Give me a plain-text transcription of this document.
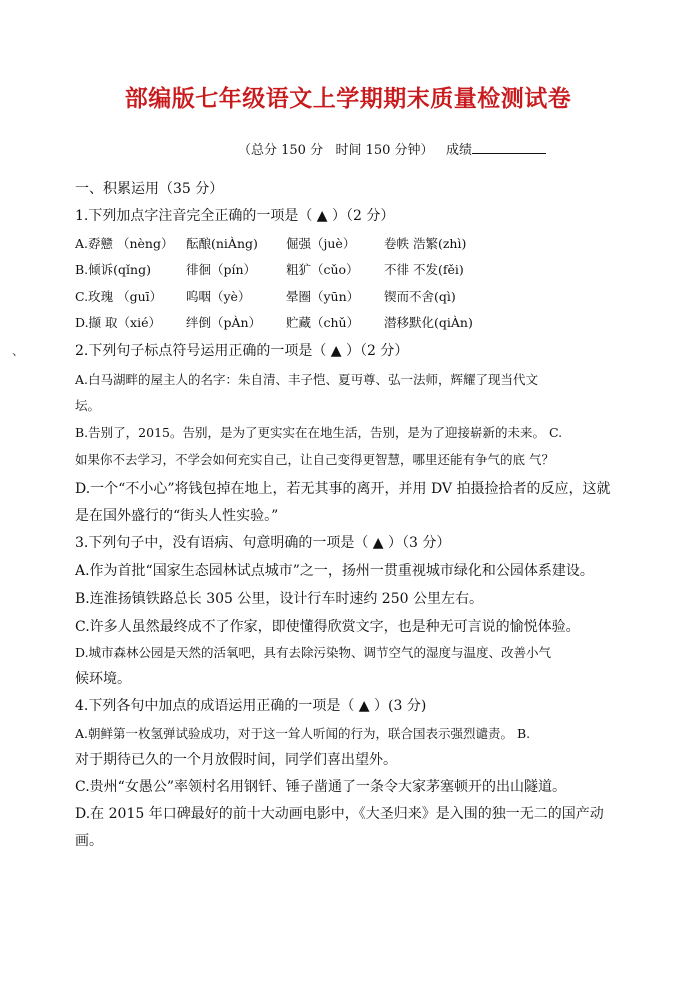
部编版七年级语文上学期期末质量检测试卷
（总分 150 分 时间 150 分钟） 成绩
一、积累运用（35 分）
1.下列加点字注音完全正确的一项是（ ▲ ）（2 分）
A.孬戆 （nèng） 酝酿(niÀng) 倔强（juè） 卷帙 浩繁(zhì)
B.倾诉(qǐng)	徘徊（pín） 粗犷（cǔo） 不徘 不发(fěi)
C.玫瑰 （guī） 呜咽（yè）	晕圈（yūn） 锲而不舍(qì)
D.撷 取（xié） 绊倒（pÀn） 贮藏（chǔ） 潜移默化(qiÀn)
、	2.下列句子标点符号运用正确的一项是（ ▲ ）（2 分）
A.白马湖畔的屋主人的名字：朱自清、丰子恺、夏丏尊、弘一法师，辉耀了现当代文
坛。
B.告别了，2015。告别，是为了更实实在在地生活，告别，是为了迎接崭新的未来。 C.
如果你不去学习，不学会如何充实自己，让自己变得更智慧，哪里还能有争气的底 气？
D.一个“不小心”将钱包掉在地上，若无其事的离开，并用 DV 拍摄捡拾者的反应，这就
是在国外盛行的“街头人性实验。”
3.下列句子中，没有语病、句意明确的一项是（ ▲ ）（3 分）
A.作为首批“国家生态园林试点城市”之一，扬州一贯重视城市绿化和公园体系建设。
B.连淮扬镇铁路总长 305 公里，设计行车时速约 250 公里左右。
C.许多人虽然最终成不了作家，即使懂得欣赏文字，也是种无可言说的愉悦体验。
D.城市森林公园是天然的活氧吧，具有去除污染物、调节空气的湿度与温度、改善小气
候环境。
4.下列各句中加点的成语运用正确的一项是（ ▲ ）(3 分)
A.朝鲜第一枚氢弹试验成功，对于这一耸人听闻的行为，联合国表示强烈谴责。 B.
对于期待已久的一个月放假时间，同学们喜出望外。
C.贵州“女愚公”率领村名用钢钎、锤子凿通了一条令大家茅塞顿开的出山隧道。
D.在 2015 年口碑最好的前十大动画电影中，《大圣归来》是入围的独一无二的国产动
画。
